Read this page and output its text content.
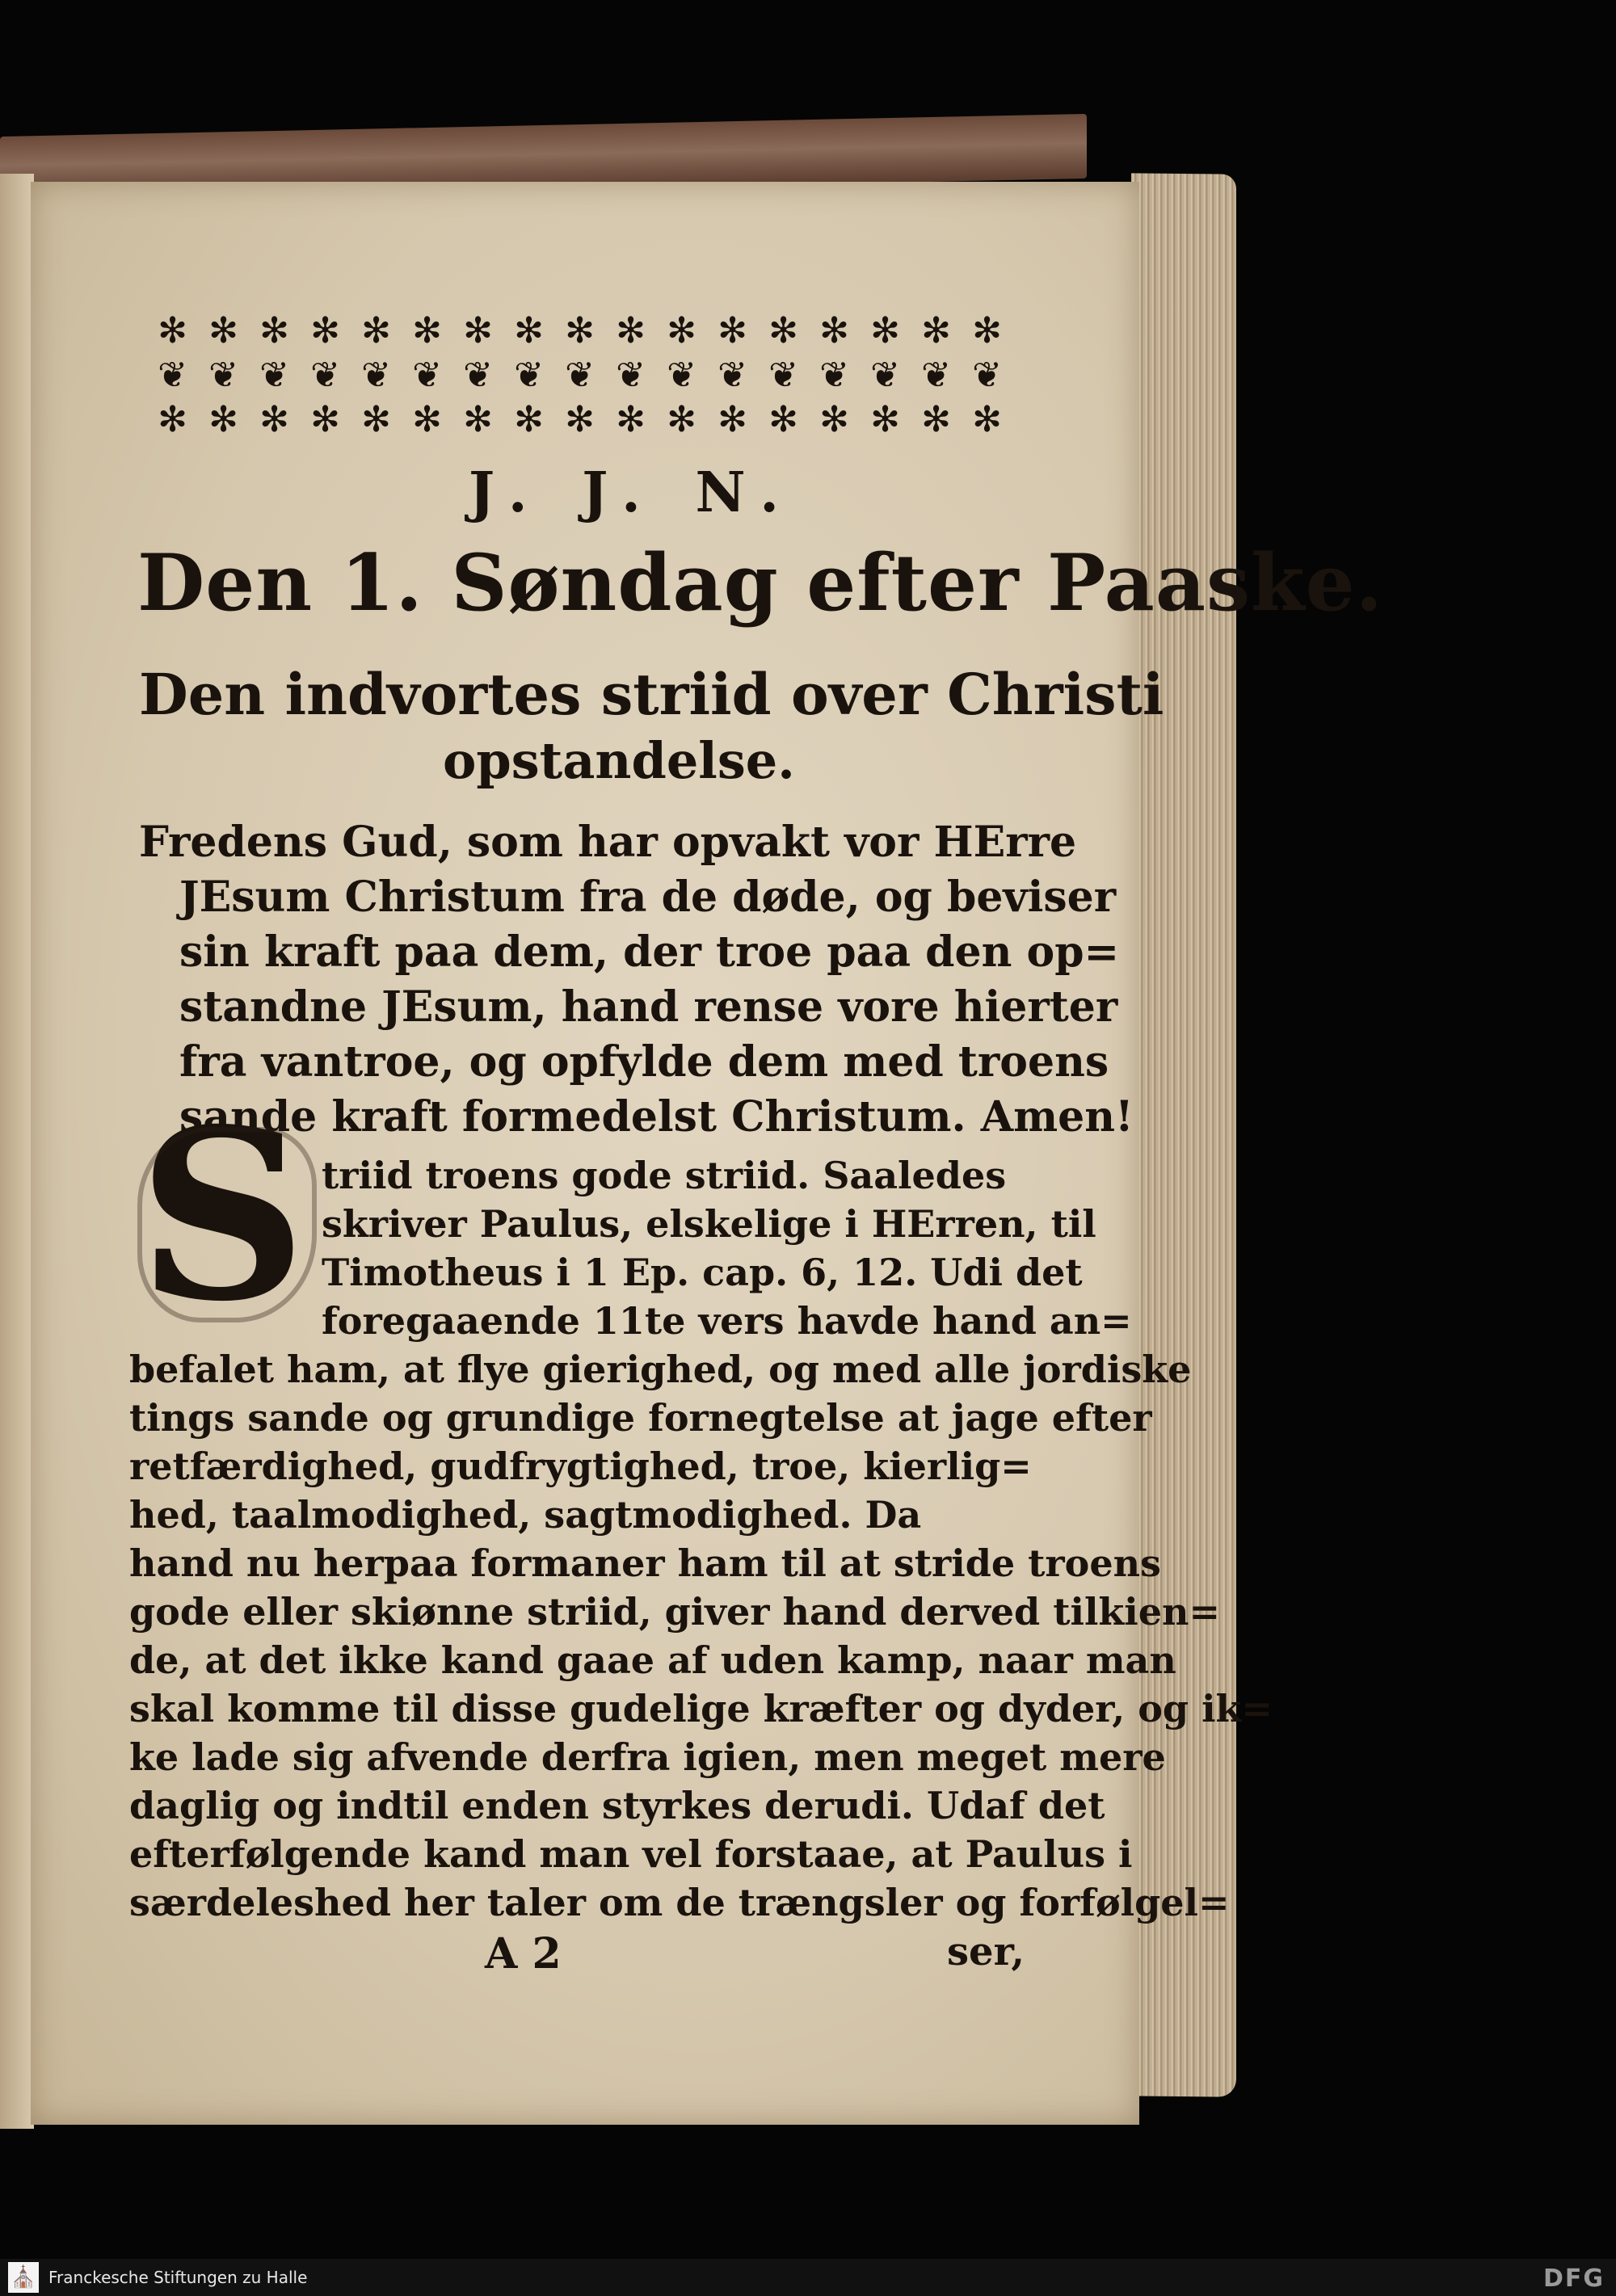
✻ ✻ ✻ ✻ ✻ ✻ ✻ ✻ ✻ ✻ ✻ ✻ ✻ ✻ ✻ ✻ ✻
❦ ❦ ❦ ❦ ❦ ❦ ❦ ❦ ❦ ❦ ❦ ❦ ❦ ❦ ❦ ❦ ❦
✻ ✻ ✻ ✻ ✻ ✻ ✻ ✻ ✻ ✻ ✻ ✻ ✻ ✻ ✻ ✻ ✻
J. J. N.
Den 1. Søndag efter Paaske.
Den indvortes striid over Christi
opstandelse.
Fredens Gud, som har opvakt vor HErre
JEsum Christum fra de døde, og beviser
sin kraft paa dem, der troe paa den op=
standne JEsum, hand rense vore hierter
fra vantroe, og opfylde dem med troens
sande kraft formedelst Christum. Amen!
S triid troens gode striid. Saaledes
skriver Paulus, elskelige i HErren, til
Timotheus i 1 Ep. cap. 6, 12. Udi det
foregaaende 11te vers havde hand an=
befalet ham, at flye gierighed, og med alle jordiske
tings sande og grundige fornegtelse at jage efter
retfærdighed, gudfrygtighed, troe, kierlig=
hed, taalmodighed, sagtmodighed. Da
hand nu herpaa formaner ham til at stride troens
gode eller skiønne striid, giver hand derved tilkien=
de, at det ikke kand gaae af uden kamp, naar man
skal komme til disse gudelige kræfter og dyder, og ik=
ke lade sig afvende derfra igien, men meget mere
daglig og indtil enden styrkes derudi. Udaf det
efterfølgende kand man vel forstaae, at Paulus i
særdeleshed her taler om de trængsler og forfølgel=
A 2	ser,
⛪ Franckesche Stiftungen zu Halle	DFG
